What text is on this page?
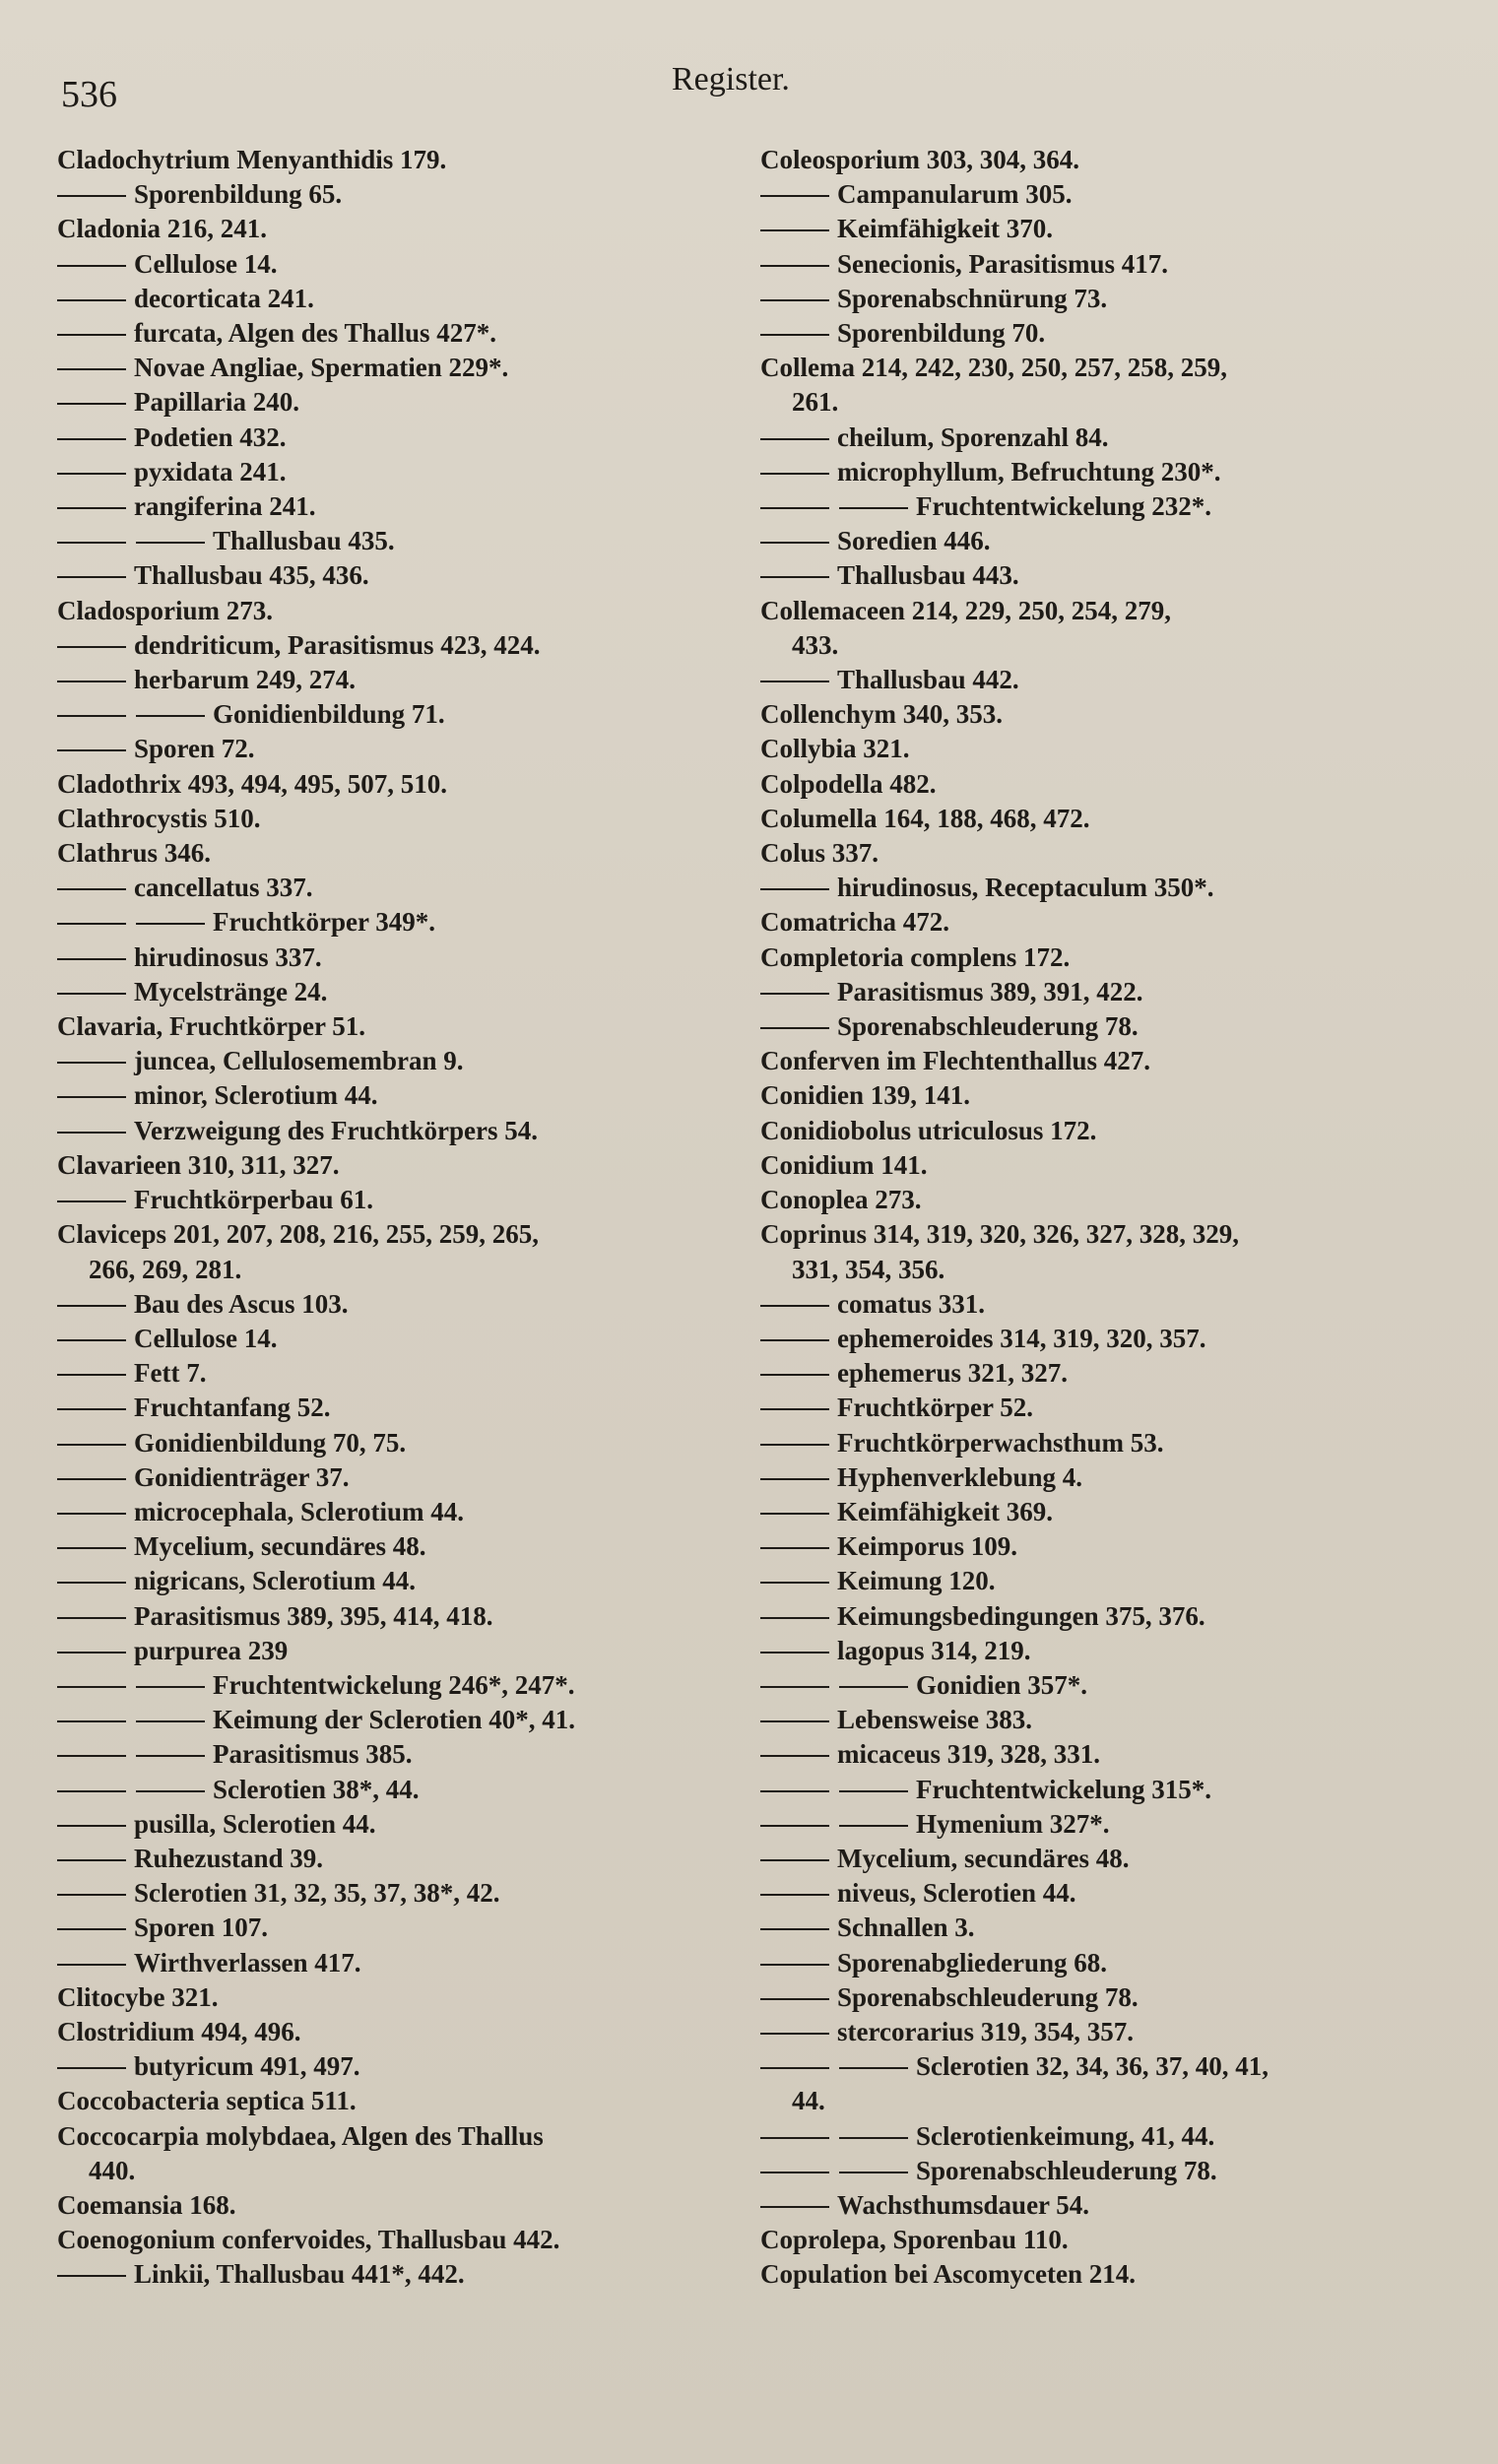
536	Register.
Cladochytrium Menyanthidis 179.
Sporenbildung 65.
Cladonia 216, 241.
Cellulose 14.
decorticata 241.
furcata, Algen des Thallus 427*.
Novae Angliae, Spermatien 229*.
Papillaria 240.
Podetien 432.
pyxidata 241.
rangiferina 241.
Thallusbau 435.
Thallusbau 435, 436.
Cladosporium 273.
dendriticum, Parasitismus 423, 424.
herbarum 249, 274.
Gonidienbildung 71.
Sporen 72.
Cladothrix 493, 494, 495, 507, 510.
Clathrocystis 510.
Clathrus 346.
cancellatus 337.
Fruchtkörper 349*.
hirudinosus 337.
Mycelstränge 24.
Clavaria, Fruchtkörper 51.
juncea, Cellulosemembran 9.
minor, Sclerotium 44.
Verzweigung des Fruchtkörpers 54.
Clavarieen 310, 311, 327.
Fruchtkörperbau 61.
Claviceps 201, 207, 208, 216, 255, 259, 265,
266, 269, 281.
Bau des Ascus 103.
Cellulose 14.
Fett 7.
Fruchtanfang 52.
Gonidienbildung 70, 75.
Gonidienträger 37.
microcephala, Sclerotium 44.
Mycelium, secundäres 48.
nigricans, Sclerotium 44.
Parasitismus 389, 395, 414, 418.
purpurea 239
Fruchtentwickelung 246*, 247*.
Keimung der Sclerotien 40*, 41.
Parasitismus 385.
Sclerotien 38*, 44.
pusilla, Sclerotien 44.
Ruhezustand 39.
Sclerotien 31, 32, 35, 37, 38*, 42.
Sporen 107.
Wirthverlassen 417.
Clitocybe 321.
Clostridium 494, 496.
butyricum 491, 497.
Coccobacteria septica 511.
Coccocarpia molybdaea, Algen des Thallus
440.
Coemansia 168.
Coenogonium confervoides, Thallusbau 442.
Linkii, Thallusbau 441*, 442.
Coleosporium 303, 304, 364.
Campanularum 305.
Keimfähigkeit 370.
Senecionis, Parasitismus 417.
Sporenabschnürung 73.
Sporenbildung 70.
Collema 214, 242, 230, 250, 257, 258, 259,
261.
cheilum, Sporenzahl 84.
microphyllum, Befruchtung 230*.
Fruchtentwickelung 232*.
Soredien 446.
Thallusbau 443.
Collemaceen 214, 229, 250, 254, 279,
433.
Thallusbau 442.
Collenchym 340, 353.
Collybia 321.
Colpodella 482.
Columella 164, 188, 468, 472.
Colus 337.
hirudinosus, Receptaculum 350*.
Comatricha 472.
Completoria complens 172.
Parasitismus 389, 391, 422.
Sporenabschleuderung 78.
Conferven im Flechtenthallus 427.
Conidien 139, 141.
Conidiobolus utriculosus 172.
Conidium 141.
Conoplea 273.
Coprinus 314, 319, 320, 326, 327, 328, 329,
331, 354, 356.
comatus 331.
ephemeroides 314, 319, 320, 357.
ephemerus 321, 327.
Fruchtkörper 52.
Fruchtkörperwachsthum 53.
Hyphenverklebung 4.
Keimfähigkeit 369.
Keimporus 109.
Keimung 120.
Keimungsbedingungen 375, 376.
lagopus 314, 219.
Gonidien 357*.
Lebensweise 383.
micaceus 319, 328, 331.
Fruchtentwickelung 315*.
Hymenium 327*.
Mycelium, secundäres 48.
niveus, Sclerotien 44.
Schnallen 3.
Sporenabgliederung 68.
Sporenabschleuderung 78.
stercorarius 319, 354, 357.
Sclerotien 32, 34, 36, 37, 40, 41,
44.
Sclerotienkeimung, 41, 44.
Sporenabschleuderung 78.
Wachsthumsdauer 54.
Coprolepa, Sporenbau 110.
Copulation bei Ascomyceten 214.
